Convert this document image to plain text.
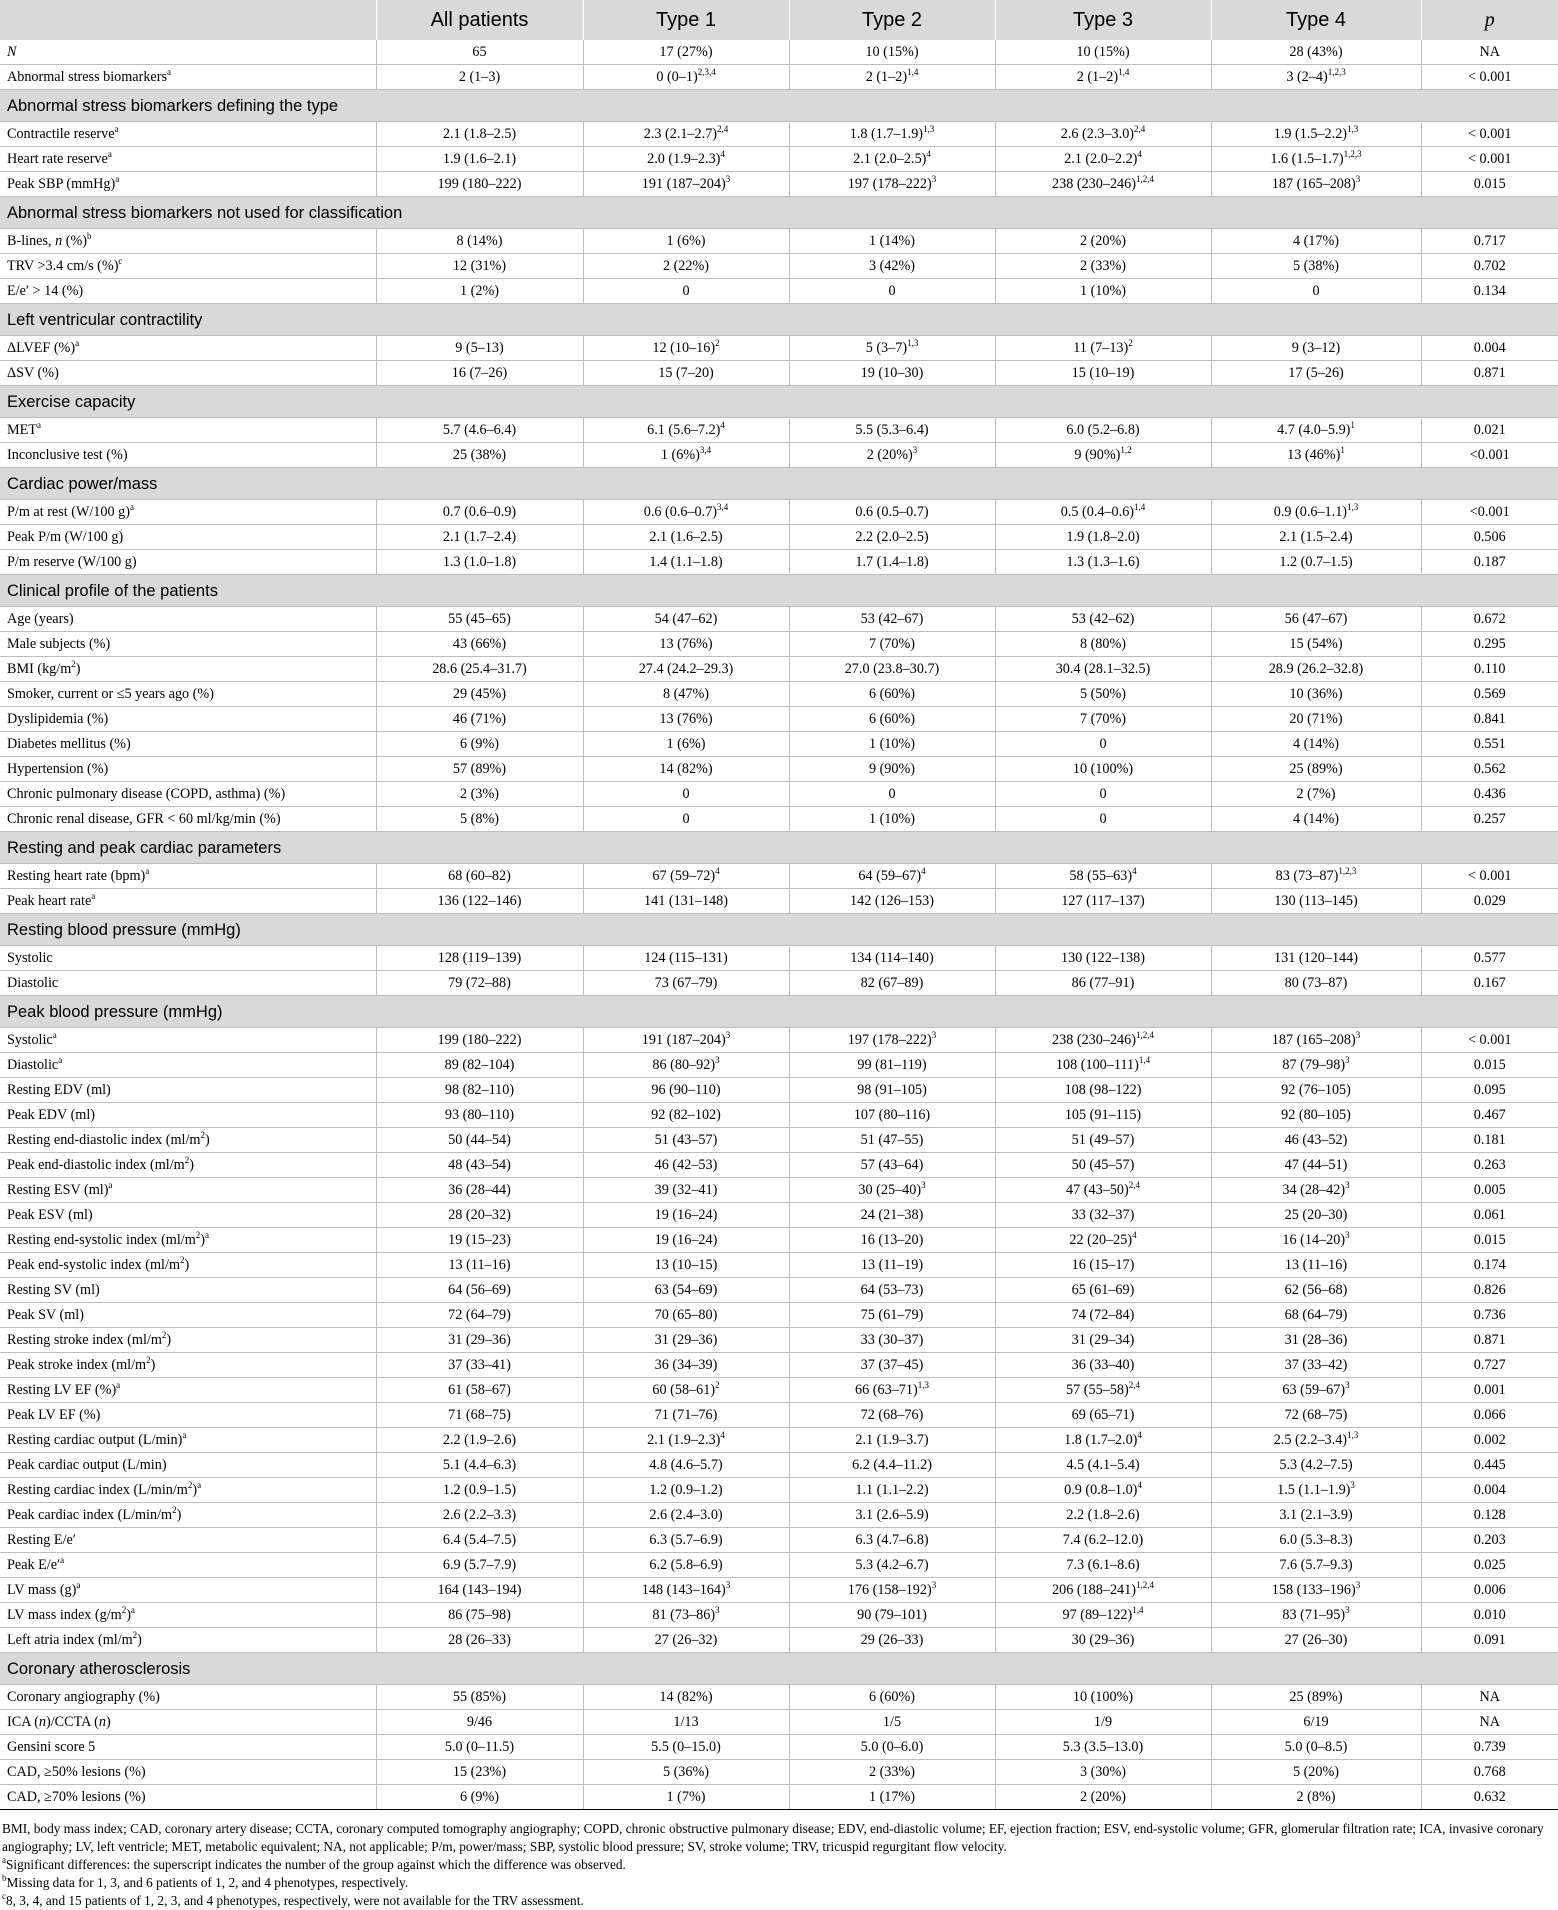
	All patients	Type 1	Type 2	Type 3	Type 4	p
N	65	17 (27%)	10 (15%)	10 (15%)	28 (43%)	NA
Abnormal stress biomarkers$^a$	2 (1–3)	0 $(0-1)^{2,3,4}$	2 $(1-2)^{1,4}$	2 $(1-2)^{1,4}$	3 $(2-4)^{1,2,3}$	< 0.001
Abnormal stress biomarkers defining the type						
Contractile reserve$^a$	2.1 (1.8–2.5)	2.3 $(2.1-2.7)^{2,4}$	1.8 $(1.7-1.9)^{1,3}$	2.6 $(2.3-3.0)^{2,4}$	1.9 $(1.5-2.2)^{1,3}$	< 0.001
Heart rate reserve$^a$	1.9 (1.6–2.1)	2.0 $(1.9-2.3)^4$	2.1 $(2.0-2.5)^4$	2.1 $(2.0-2.2)^4$	1.6 $(1.5-1.7)^{1,2,3}$	< 0.001
Peak SBP (mmHg)$^a$	199 (180–222)	191 $(187-204)^3$	197 $(178-222)^3$	238 $(230-246)^{1,2,4}$	187 $(165-208)^3$	0.015
Abnormal stress biomarkers not used for classification						
B-lines, n (%)$^b$	8 (14%)	1 (6%)	1 (14%)	2 (20%)	4 (17%)	0.717
TRV >3.4 cm/s (%)$^c$	12 (31%)	2 (22%)	3 (42%)	2 (33%)	5 (38%)	0.702
E/e′ > 14 (%)	1 (2%)	0	0	1 (10%)	0	0.134
Left ventricular contractility						
ΔLVEF (%)$^a$	9 (5–13)	12 $(10-16)^2$	5 $(3-7)^{1,3}$	11 $(7-13)^2$	9 (3–12)	0.004
ΔSV (%)	16 (7–26)	15 (7–20)	19 (10–30)	15 (10–19)	17 (5–26)	0.871
Exercise capacity						
MET$^a$	5.7 (4.6–6.4)	6.1 $(5.6-7.2)^4$	5.5 (5.3–6.4)	6.0 (5.2–6.8)	4.7 $(4.0-5.9)^1$	0.021
Inconclusive test (%)	25 (38%)	1 $(6\%)^{3,4}$	2 $(20\%)^3$	9 $(90\%)^{1,2}$	13 $(46\%)^1$	<0.001
Cardiac power/mass						
P/m at rest (W/100 g)$^a$	0.7 (0.6–0.9)	0.6 $(0.6-0.7)^{3,4}$	0.6 (0.5–0.7)	0.5 $(0.4-0.6)^{1,4}$	0.9 $(0.6-1.1)^{1,3}$	<0.001
Peak P/m (W/100 g)	2.1 (1.7–2.4)	2.1 (1.6–2.5)	2.2 (2.0–2.5)	1.9 (1.8–2.0)	2.1 (1.5–2.4)	0.506
P/m reserve (W/100 g)	1.3 (1.0–1.8)	1.4 (1.1–1.8)	1.7 (1.4–1.8)	1.3 (1.3–1.6)	1.2 (0.7–1.5)	0.187
Clinical profile of the patients						
Age (years)	55 (45–65)	54 (47–62)	53 (42–67)	53 (42–62)	56 (47–67)	0.672
Male subjects (%)	43 (66%)	13 (76%)	7 (70%)	8 (80%)	15 (54%)	0.295
BMI $(kg/m^2)$	28.6 (25.4–31.7)	27.4 (24.2–29.3)	27.0 (23.8–30.7)	30.4 (28.1–32.5)	28.9 (26.2–32.8)	0.110
Smoker, current or ≤5 years ago (%)	29 (45%)	8 (47%)	6 (60%)	5 (50%)	10 (36%)	0.569
Dyslipidemia (%)	46 (71%)	13 (76%)	6 (60%)	7 (70%)	20 (71%)	0.841
Diabetes mellitus (%)	6 (9%)	1 (6%)	1 (10%)	0	4 (14%)	0.551
Hypertension (%)	57 (89%)	14 (82%)	9 (90%)	10 (100%)	25 (89%)	0.562
Chronic pulmonary disease (COPD, asthma) (%)	2 (3%)	0	0	0	2 (7%)	0.436
Chronic renal disease, GFR < 60 ml/kg/min (%)	5 (8%)	0	1 (10%)	0	4 (14%)	0.257
Resting and peak cardiac parameters						
Resting heart rate (bpm)$^a$	68 (60–82)	67 $(59-72)^4$	64 $(59-67)^4$	58 $(55-63)^4$	83 $(73-87)^{1,2,3}$	< 0.001
Peak heart rate$^a$	136 (122–146)	141 (131–148)	142 (126–153)	127 (117–137)	130 (113–145)	0.029
Resting blood pressure (mmHg)						
Systolic	128 (119–139)	124 (115–131)	134 (114–140)	130 (122–138)	131 (120–144)	0.577
Diastolic	79 (72–88)	73 (67–79)	82 (67–89)	86 (77–91)	80 (73–87)	0.167
Peak blood pressure (mmHg)						
Systolic$^a$	199 (180–222)	191 $(187-204)^3$	197 $(178-222)^3$	238 $(230-246)^{1,2,4}$	187 $(165-208)^3$	< 0.001
Diastolic$^a$	89 (82–104)	86 $(80-92)^3$	99 (81–119)	108 $(100-111)^{1,4}$	87 $(79-98)^3$	0.015
Resting EDV (ml)	98 (82–110)	96 (90–110)	98 (91–105)	108 (98–122)	92 (76–105)	0.095
Peak EDV (ml)	93 (80–110)	92 (82–102)	107 (80–116)	105 (91–115)	92 (80–105)	0.467
Resting end-diastolic index $(ml/m^2)$	50 (44–54)	51 (43–57)	51 (47–55)	51 (49–57)	46 (43–52)	0.181
Peak end-diastolic index $(ml/m^2)$	48 (43–54)	46 (42–53)	57 (43–64)	50 (45–57)	47 (44–51)	0.263
Resting ESV (ml)$^a$	36 (28–44)	39 (32–41)	30 $(25-40)^3$	47 $(43-50)^{2,4}$	34 $(28-42)^3$	0.005
Peak ESV (ml)	28 (20–32)	19 (16–24)	24 (21–38)	33 (32–37)	25 (20–30)	0.061
Resting end-systolic index $(ml/m^2)^a$	19 (15–23)	19 (16–24)	16 (13–20)	22 $(20-25)^4$	16 $(14-20)^3$	0.015
Peak end-systolic index $(ml/m^2)$	13 (11–16)	13 (10–15)	13 (11–19)	16 (15–17)	13 (11–16)	0.174
Resting SV (ml)	64 (56–69)	63 (54–69)	64 (53–73)	65 (61–69)	62 (56–68)	0.826
Peak SV (ml)	72 (64–79)	70 (65–80)	75 (61–79)	74 (72–84)	68 (64–79)	0.736
Resting stroke index $(ml/m^2)$	31 (29–36)	31 (29–36)	33 (30–37)	31 (29–34)	31 (28–36)	0.871
Peak stroke index $(ml/m^2)$	37 (33–41)	36 (34–39)	37 (37–45)	36 (33–40)	37 (33–42)	0.727
Resting LV EF (%)$^a$	61 (58–67)	60 $(58-61)^2$	66 $(63-71)^{1,3}$	57 $(55-58)^{2,4}$	63 $(59-67)^3$	0.001
Peak LV EF (%)	71 (68–75)	71 (71–76)	72 (68–76)	69 (65–71)	72 (68–75)	0.066
Resting cardiac output $(L/\min)^a$	2.2 (1.9–2.6)	2.1 $(1.9-2.3)^4$	2.1 (1.9–3.7)	1.8 $(1.7-2.0)^4$	2.5 $(2.2-3.4)^{1,3}$	0.002
Peak cardiac output (L/min)	5.1 (4.4–6.3)	4.8 (4.6–5.7)	6.2 (4.4–11.2)	4.5 (4.1–5.4)	5.3 (4.2–7.5)	0.445
Resting cardiac index $(L/\min/m^2)^a$	1.2 (0.9–1.5)	1.2 (0.9–1.2)	1.1 (1.1–2.2)	0.9 $(0.8-1.0)^4$	1.5 $(1.1-1.9)^3$	0.004
Peak cardiac index $(L/\min/m^2)$	2.6 (2.2–3.3)	2.6 (2.4–3.0)	3.1 (2.6–5.9)	2.2 (1.8–2.6)	3.1 (2.1–3.9)	0.128
Resting E/e′	6.4 (5.4–7.5)	6.3 (5.7–6.9)	6.3 (4.7–6.8)	7.4 (6.2–12.0)	6.0 (5.3–8.3)	0.203
Peak $E/e'^a$	6.9 (5.7–7.9)	6.2 (5.8–6.9)	5.3 (4.2–6.7)	7.3 (6.1–8.6)	7.6 (5.7–9.3)	0.025
LV mass $(g)^a$	164 (143–194)	148 $(143-164)^3$	176 $(158-192)^3$	206 $(188-241)^{1,2,4}$	158 $(133-196)^3$	0.006
LV mass index $(g/m^2)^a$	86 (75–98)	81 $(73-86)^3$	90 (79–101)	97 $(89-122)^{1,4}$	83 $(71-95)^3$	0.010
Left atria index $(ml/m^2)$	28 (26–33)	27 (26–32)	29 (26–33)	30 (29–36)	27 (26–30)	0.091
Coronary atherosclerosis						
Coronary angiography (%)	55 (85%)	14 (82%)	6 (60%)	10 (100%)	25 (89%)	NA
ICA (n)/CCTA (n)	9/46	1/13	1/5	1/9	6/19	NA
Gensini score 5	5.0 (0–11.5)	5.5 (0–15.0)	5.0 (0–6.0)	5.3 (3.5–13.0)	5.0 (0–8.5)	0.739
CAD, ≥50% lesions (%)	15 (23%)	5 (36%)	2 (33%)	3 (30%)	5 (20%)	0.768
CAD, ≥70% lesions (%)	6 (9%)	1 (7%)	1 (17%)	2 (20%)	2 (8%)	0.632

BMI, body mass index; CAD, coronary artery disease; CCTA, coronary computed tomography angiography; COPD, chronic obstructive pulmonary disease; EDV, end-diastolic volume; EF, ejection fraction; ESV, end-systolic volume; GFR, glomerular filtration rate; ICA, invasive coronary angiography; LV, left ventricle; MET, metabolic equivalent; NA, not applicable; P/m, power/mass; SBP, systolic blood pressure; SV, stroke volume; TRV, tricuspid regurgitant flow velocity.

$^a$Significant differences: the superscript indicates the number of the group against which the difference was observed.

$^b$Missing data for 1, 3, and 6 patients of 1, 2, and 4 phenotypes, respectively.

$^c$8, 3, 4, and 15 patients of 1, 2, 3, and 4 phenotypes, respectively, were not available for the TRV assessment.
